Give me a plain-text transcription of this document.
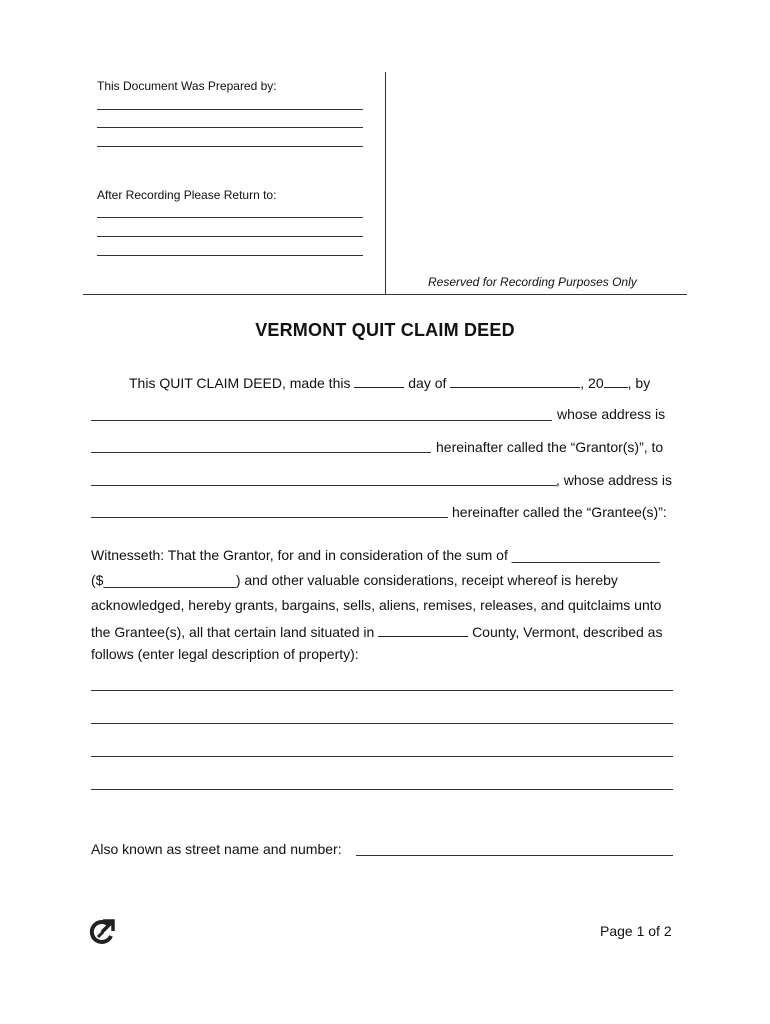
This Document Was Prepared by:
After Recording Please Return to:
Reserved for Recording Purposes Only
VERMONT QUIT CLAIM DEED
This QUIT CLAIM DEED, made this	day of	, 20 , by
whose address is
hereinafter called the “Grantor(s)”, to
, whose address is
hereinafter called the “Grantee(s)”:
Witnesseth: That the Grantor, for and in consideration of the sum of ___________________
($_________________) and other valuable considerations, receipt whereof is hereby
acknowledged, hereby grants, bargains, sells, aliens, remises, releases, and quitclaims unto
the Grantee(s), all that certain land situated in	County, Vermont, described as
follows (enter legal description of property):
Also known as street name and number:
Page 1 of 2
